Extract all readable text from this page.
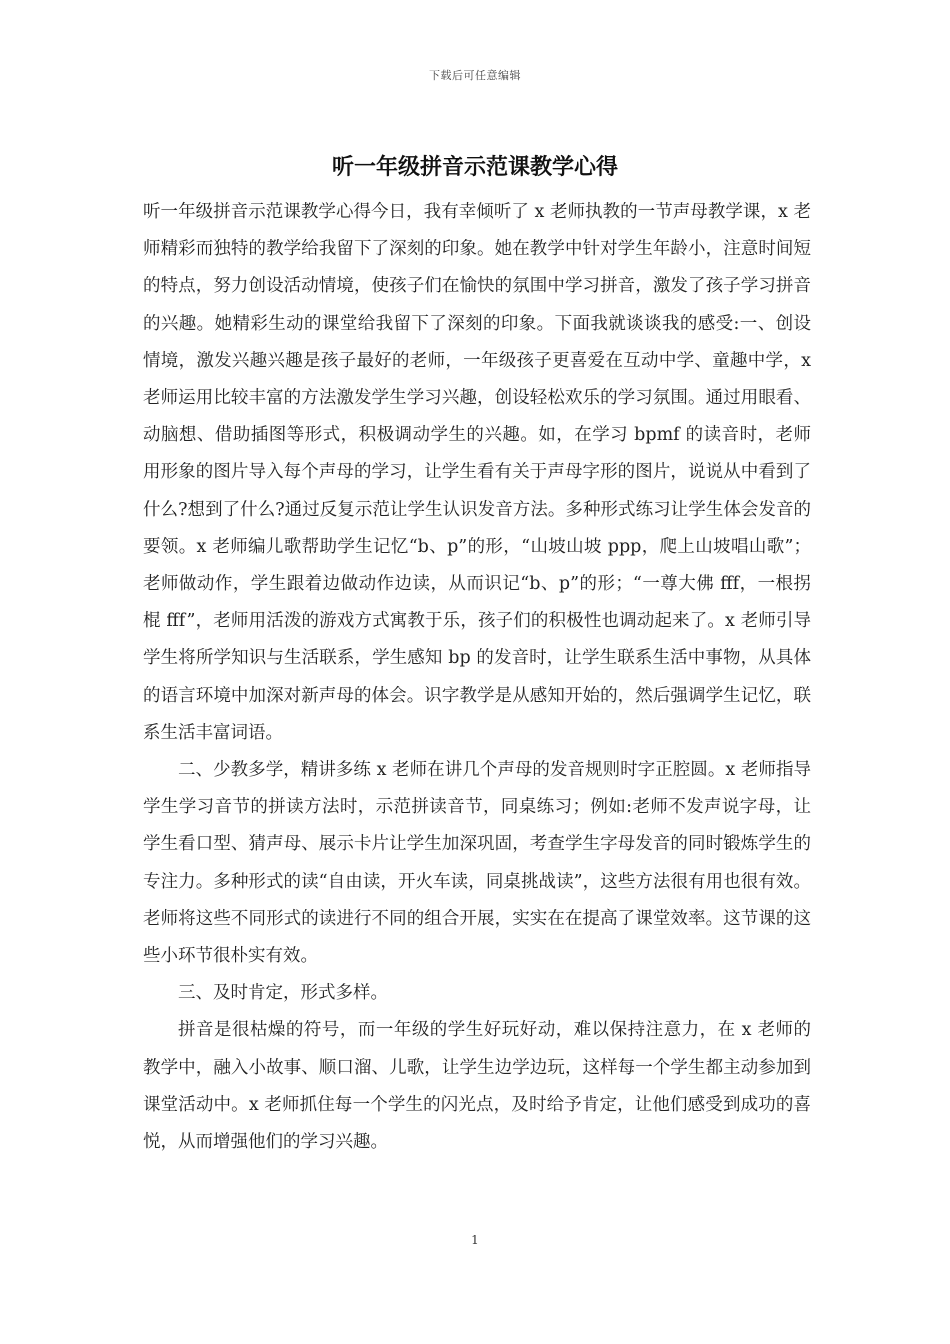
下载后可任意编辑
听一年级拼音示范课教学心得

听一年级拼音示范课教学心得今日，我有幸倾听了 x 老师执教的一节声母教学课，x 老师精彩而独特的教学给我留下了深刻的印象。她在教学中针对学生年龄小，注意时间短的特点，努力创设活动情境，使孩子们在愉快的氛围中学习拼音，激发了孩子学习拼音的兴趣。她精彩生动的课堂给我留下了深刻的印象。下面我就谈谈我的感受:一、创设情境，激发兴趣兴趣是孩子最好的老师，一年级孩子更喜爱在互动中学、童趣中学，x 老师运用比较丰富的方法激发学生学习兴趣，创设轻松欢乐的学习氛围。通过用眼看、动脑想、借助插图等形式，积极调动学生的兴趣。如，在学习 bpmf 的读音时，老师用形象的图片导入每个声母的学习，让学生看有关于声母字形的图片，说说从中看到了什么?想到了什么?通过反复示范让学生认识发音方法。多种形式练习让学生体会发音的要领。x 老师编儿歌帮助学生记忆“b、p”的形，“山坡山坡 ppp，爬上山坡唱山歌”；老师做动作，学生跟着边做动作边读，从而识记“b、p”的形；“一尊大佛 fff，一根拐棍 fff”，老师用活泼的游戏方式寓教于乐，孩子们的积极性也调动起来了。x 老师引导学生将所学知识与生活联系，学生感知 bp 的发音时，让学生联系生活中事物，从具体的语言环境中加深对新声母的体会。识字教学是从感知开始的，然后强调学生记忆，联系生活丰富词语。

二、少教多学，精讲多练 x 老师在讲几个声母的发音规则时字正腔圆。x 老师指导学生学习音节的拼读方法时，示范拼读音节，同桌练习；例如:老师不发声说字母，让学生看口型、猜声母、展示卡片让学生加深巩固，考查学生字母发音的同时锻炼学生的专注力。多种形式的读“自由读，开火车读，同桌挑战读”，这些方法很有用也很有效。老师将这些不同形式的读进行不同的组合开展，实实在在提高了课堂效率。这节课的这些小环节很朴实有效。

三、及时肯定，形式多样。

拼音是很枯燥的符号，而一年级的学生好玩好动，难以保持注意力，在 x 老师的教学中，融入小故事、顺口溜、儿歌，让学生边学边玩，这样每一个学生都主动参加到课堂活动中。x 老师抓住每一个学生的闪光点，及时给予肯定，让他们感受到成功的喜悦，从而增强他们的学习兴趣。

1
